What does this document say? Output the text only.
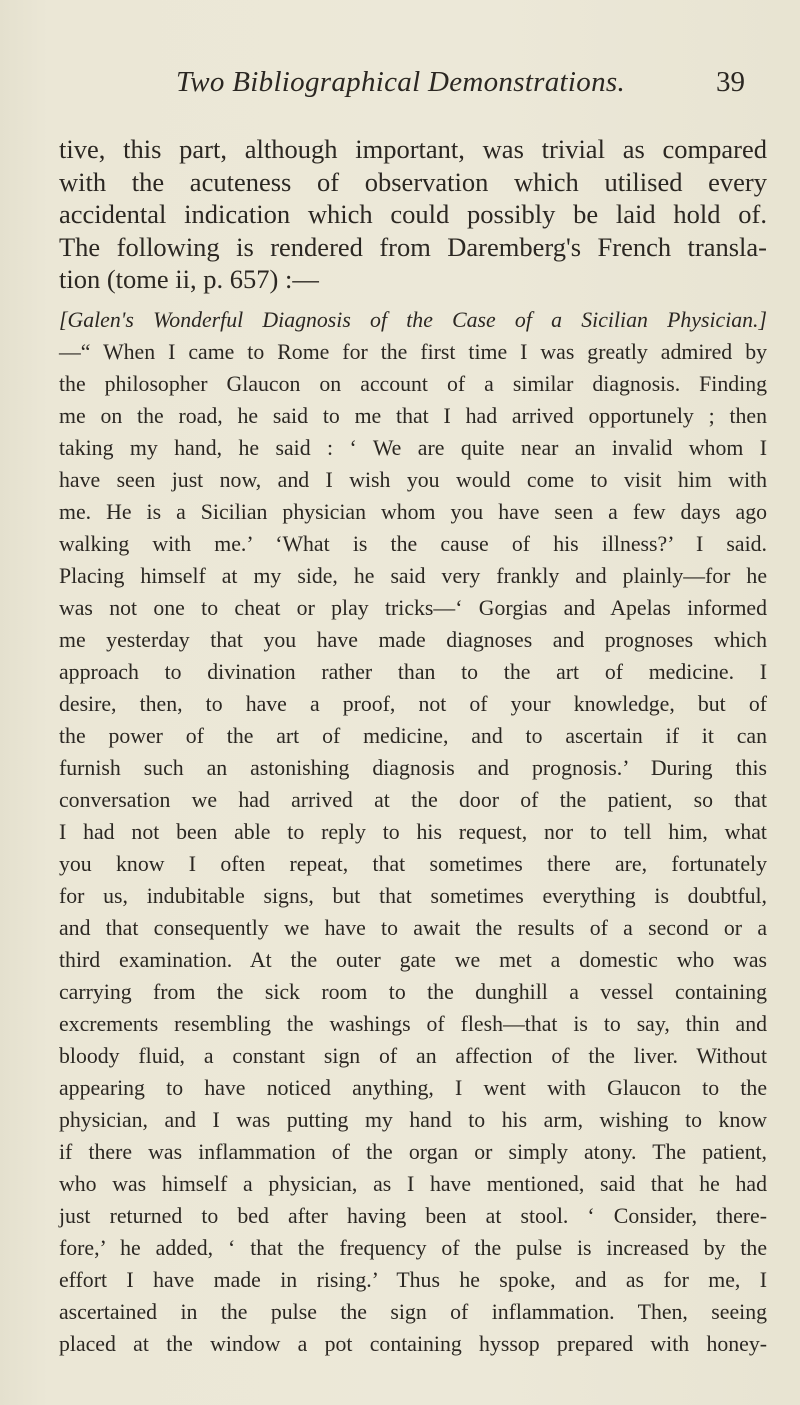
Two Bibliographical Demonstrations.	39
tive, this part, although important, was trivial as compared
with the acuteness of observation which utilised every
accidental indication which could possibly be laid hold of.
The following is rendered from Daremberg's French transla-
tion (tome ii, p. 657) :—
[Galen's Wonderful Diagnosis of the Case of a Sicilian Physician.]
—“ When I came to Rome for the first time I was greatly admired by
the philosopher Glaucon on account of a similar diagnosis. Finding
me on the road, he said to me that I had arrived opportunely ; then
taking my hand, he said : ‘ We are quite near an invalid whom I
have seen just now, and I wish you would come to visit him with
me. He is a Sicilian physician whom you have seen a few days ago
walking with me.’ ‘What is the cause of his illness?’ I said.
Placing himself at my side, he said very frankly and plainly—for he
was not one to cheat or play tricks—‘ Gorgias and Apelas informed
me yesterday that you have made diagnoses and prognoses which
approach to divination rather than to the art of medicine. I
desire, then, to have a proof, not of your knowledge, but of
the power of the art of medicine, and to ascertain if it can
furnish such an astonishing diagnosis and prognosis.’ During this
conversation we had arrived at the door of the patient, so that
I had not been able to reply to his request, nor to tell him, what
you know I often repeat, that sometimes there are, fortunately
for us, indubitable signs, but that sometimes everything is doubtful,
and that consequently we have to await the results of a second or a
third examination. At the outer gate we met a domestic who was
carrying from the sick room to the dunghill a vessel containing
excrements resembling the washings of flesh—that is to say, thin and
bloody fluid, a constant sign of an affection of the liver. Without
appearing to have noticed anything, I went with Glaucon to the
physician, and I was putting my hand to his arm, wishing to know
if there was inflammation of the organ or simply atony. The patient,
who was himself a physician, as I have mentioned, said that he had
just returned to bed after having been at stool. ‘ Consider, there-
fore,’ he added, ‘ that the frequency of the pulse is increased by the
effort I have made in rising.’ Thus he spoke, and as for me, I
ascertained in the pulse the sign of inflammation. Then, seeing
placed at the window a pot containing hyssop prepared with honey-
